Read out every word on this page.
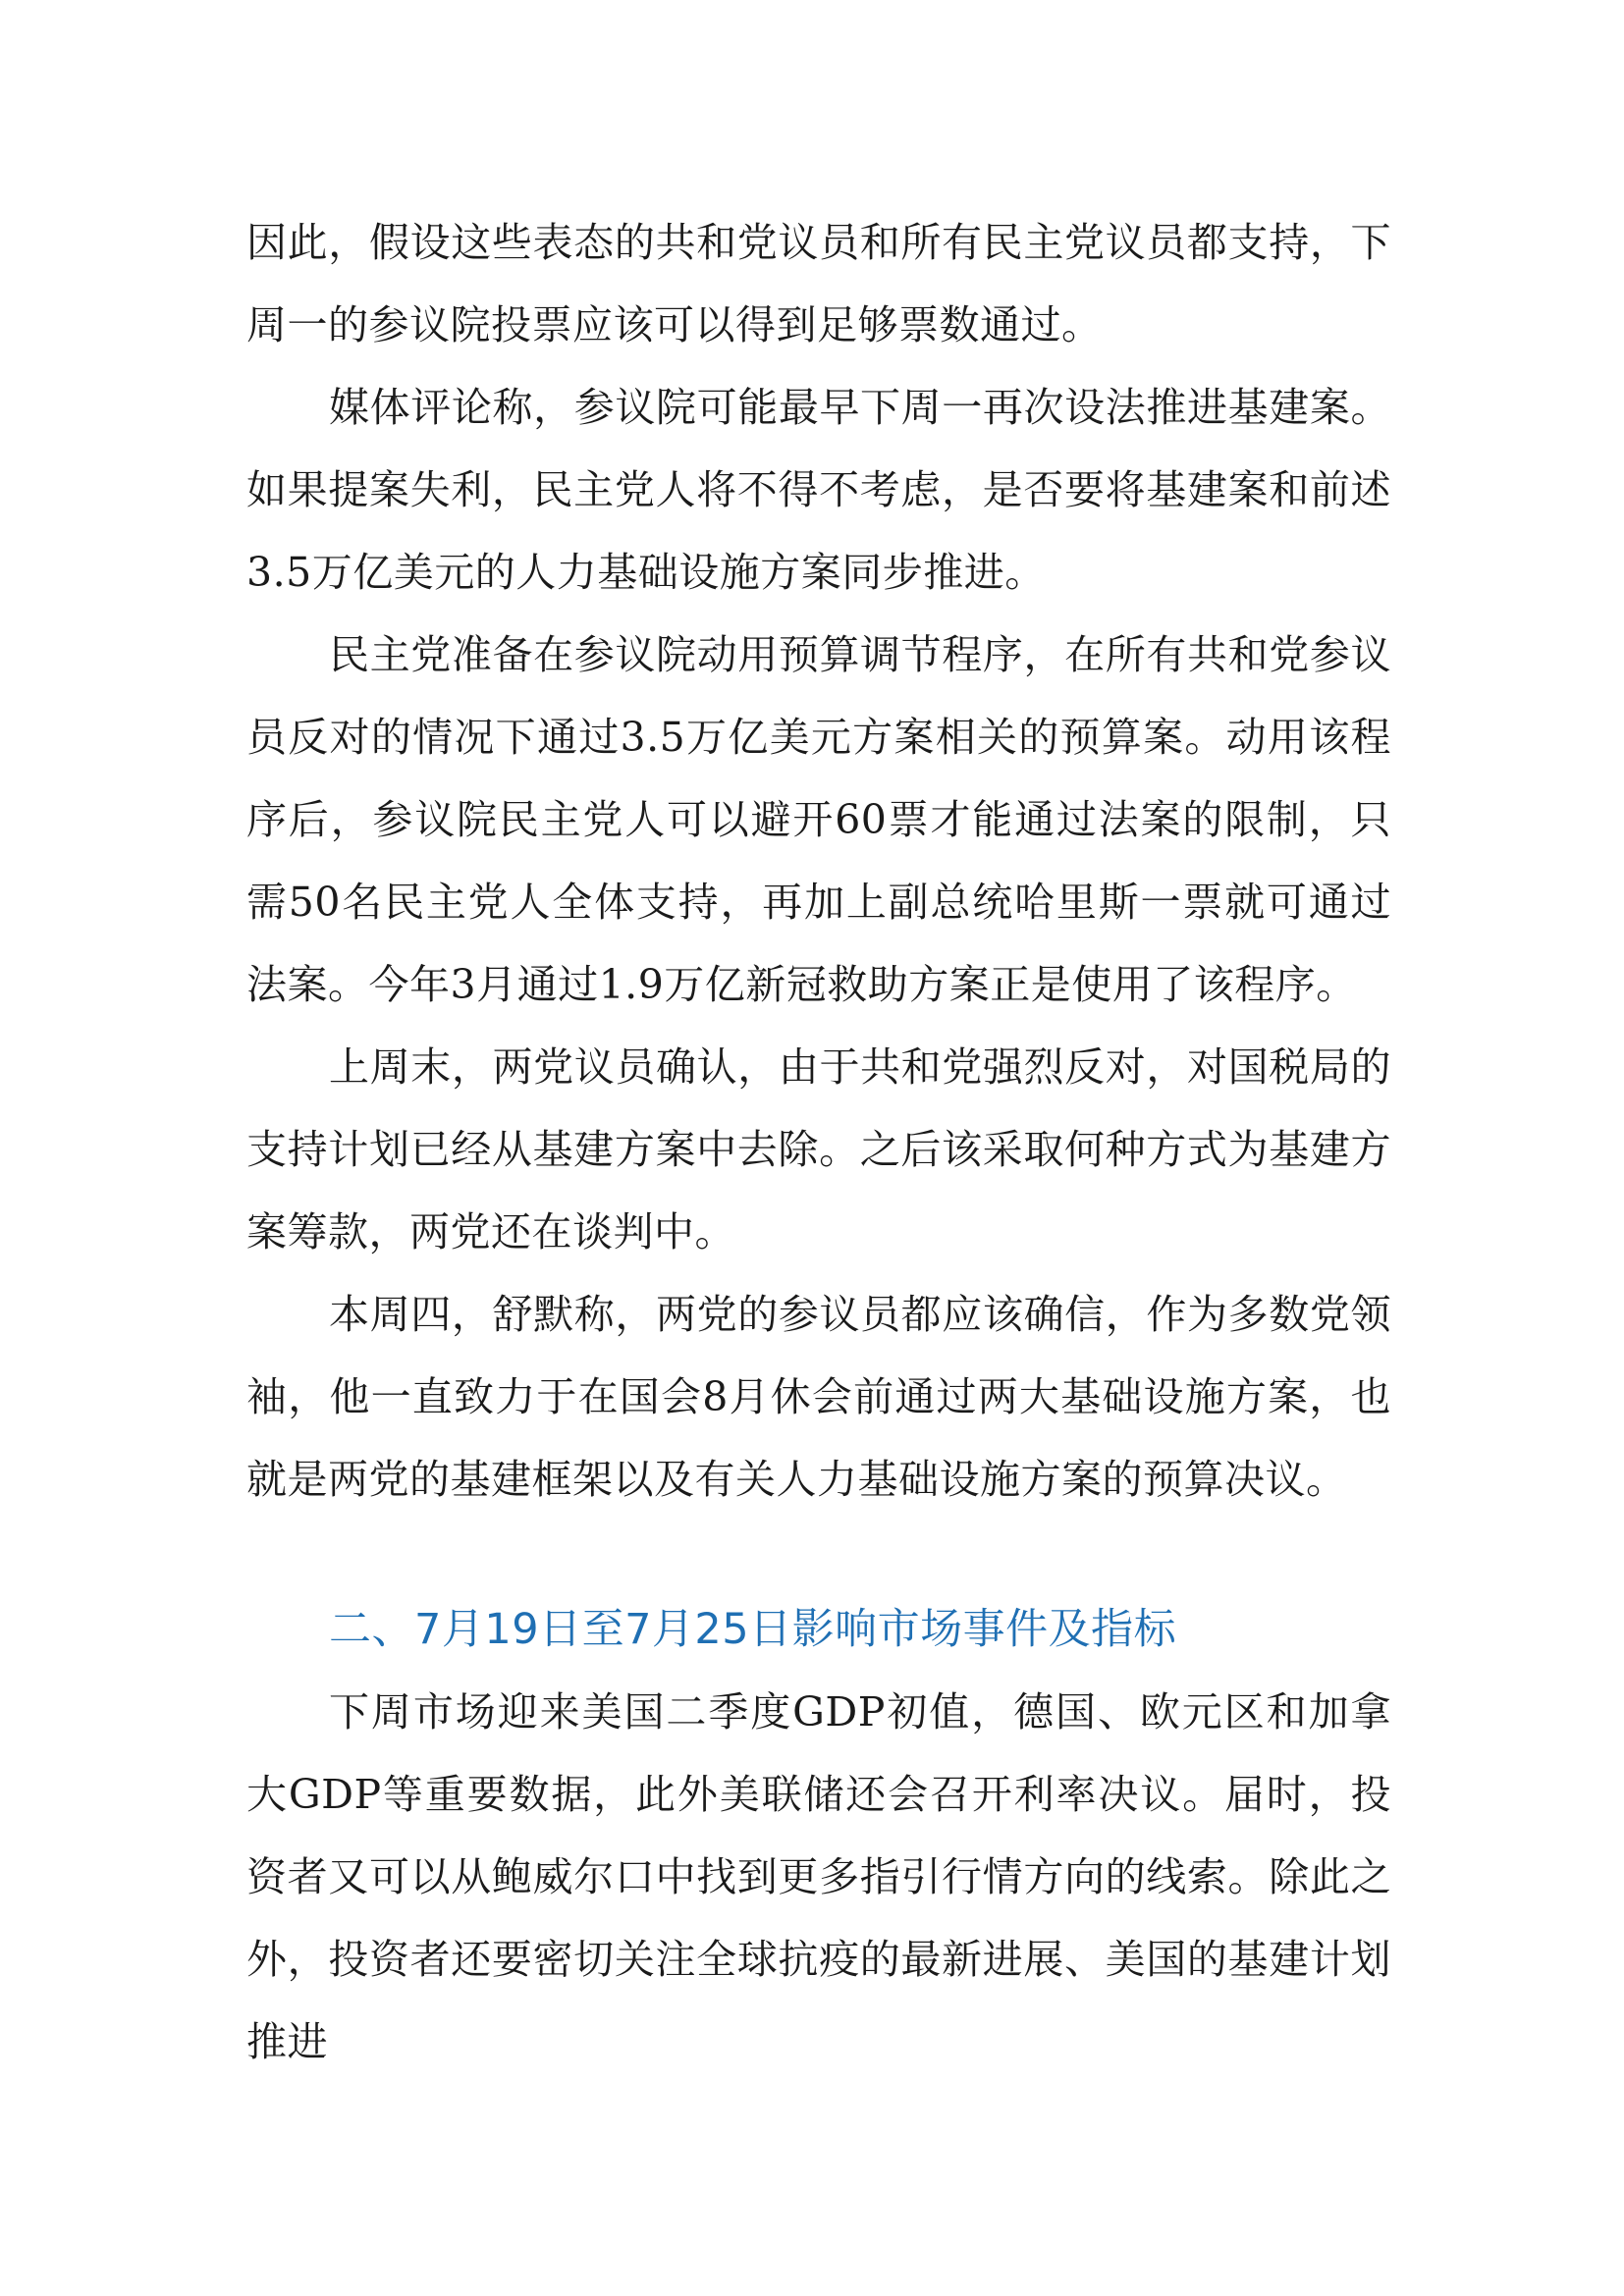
因此，假设这些表态的共和党议员和所有民主党议员都支持，下周一的参议院投票应该可以得到足够票数通过。

媒体评论称，参议院可能最早下周一再次设法推进基建案。如果提案失利，民主党人将不得不考虑，是否要将基建案和前述3.5万亿美元的人力基础设施方案同步推进。

民主党准备在参议院动用预算调节程序，在所有共和党参议员反对的情况下通过3.5万亿美元方案相关的预算案。动用该程序后，参议院民主党人可以避开60票才能通过法案的限制，只需50名民主党人全体支持，再加上副总统哈里斯一票就可通过法案。今年3月通过1.9万亿新冠救助方案正是使用了该程序。

上周末，两党议员确认，由于共和党强烈反对，对国税局的支持计划已经从基建方案中去除。之后该采取何种方式为基建方案筹款，两党还在谈判中。

本周四，舒默称，两党的参议员都应该确信，作为多数党领袖，他一直致力于在国会8月休会前通过两大基础设施方案，也就是两党的基建框架以及有关人力基础设施方案的预算决议。

二、7月19日至7月25日影响市场事件及指标

下周市场迎来美国二季度GDP初值，德国、欧元区和加拿大GDP等重要数据，此外美联储还会召开利率决议。届时，投资者又可以从鲍威尔口中找到更多指引行情方向的线索。除此之外，投资者还要密切关注全球抗疫的最新进展、美国的基建计划推进
